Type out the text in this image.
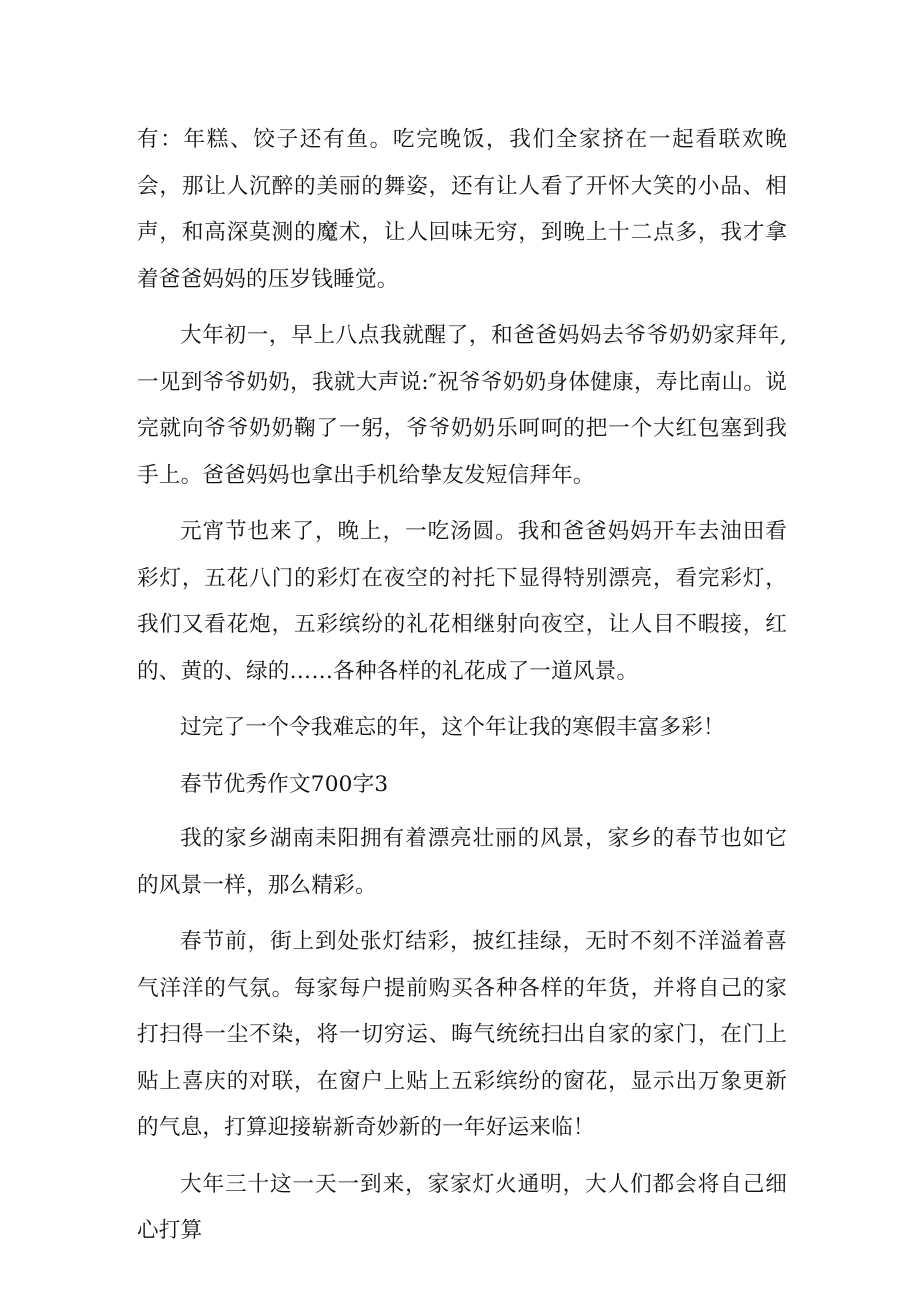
有：年糕、饺子还有鱼。吃完晚饭，我们全家挤在一起看联欢晚会，那让人沉醉的美丽的舞姿，还有让人看了开怀大笑的小品、相声，和高深莫测的魔术，让人回味无穷，到晚上十二点多，我才拿着爸爸妈妈的压岁钱睡觉。

大年初一，早上八点我就醒了，和爸爸妈妈去爷爷奶奶家拜年,一见到爷爷奶奶，我就大声说:″祝爷爷奶奶身体健康，寿比南山。说完就向爷爷奶奶鞠了一躬，爷爷奶奶乐呵呵的把一个大红包塞到我手上。爸爸妈妈也拿出手机给挚友发短信拜年。

元宵节也来了，晚上，一吃汤圆。我和爸爸妈妈开车去油田看彩灯，五花八门的彩灯在夜空的衬托下显得特别漂亮，看完彩灯，我们又看花炮，五彩缤纷的礼花相继射向夜空，让人目不暇接，红的、黄的、绿的……各种各样的礼花成了一道风景。

过完了一个令我难忘的年，这个年让我的寒假丰富多彩！

春节优秀作文700字3

我的家乡湖南耒阳拥有着漂亮壮丽的风景，家乡的春节也如它的风景一样，那么精彩。

春节前，街上到处张灯结彩，披红挂绿，无时不刻不洋溢着喜气洋洋的气氛。每家每户提前购买各种各样的年货，并将自己的家打扫得一尘不染，将一切穷运、晦气统统扫出自家的家门，在门上贴上喜庆的对联，在窗户上贴上五彩缤纷的窗花，显示出万象更新的气息，打算迎接崭新奇妙新的一年好运来临！

大年三十这一天一到来，家家灯火通明，大人们都会将自己细心打算
